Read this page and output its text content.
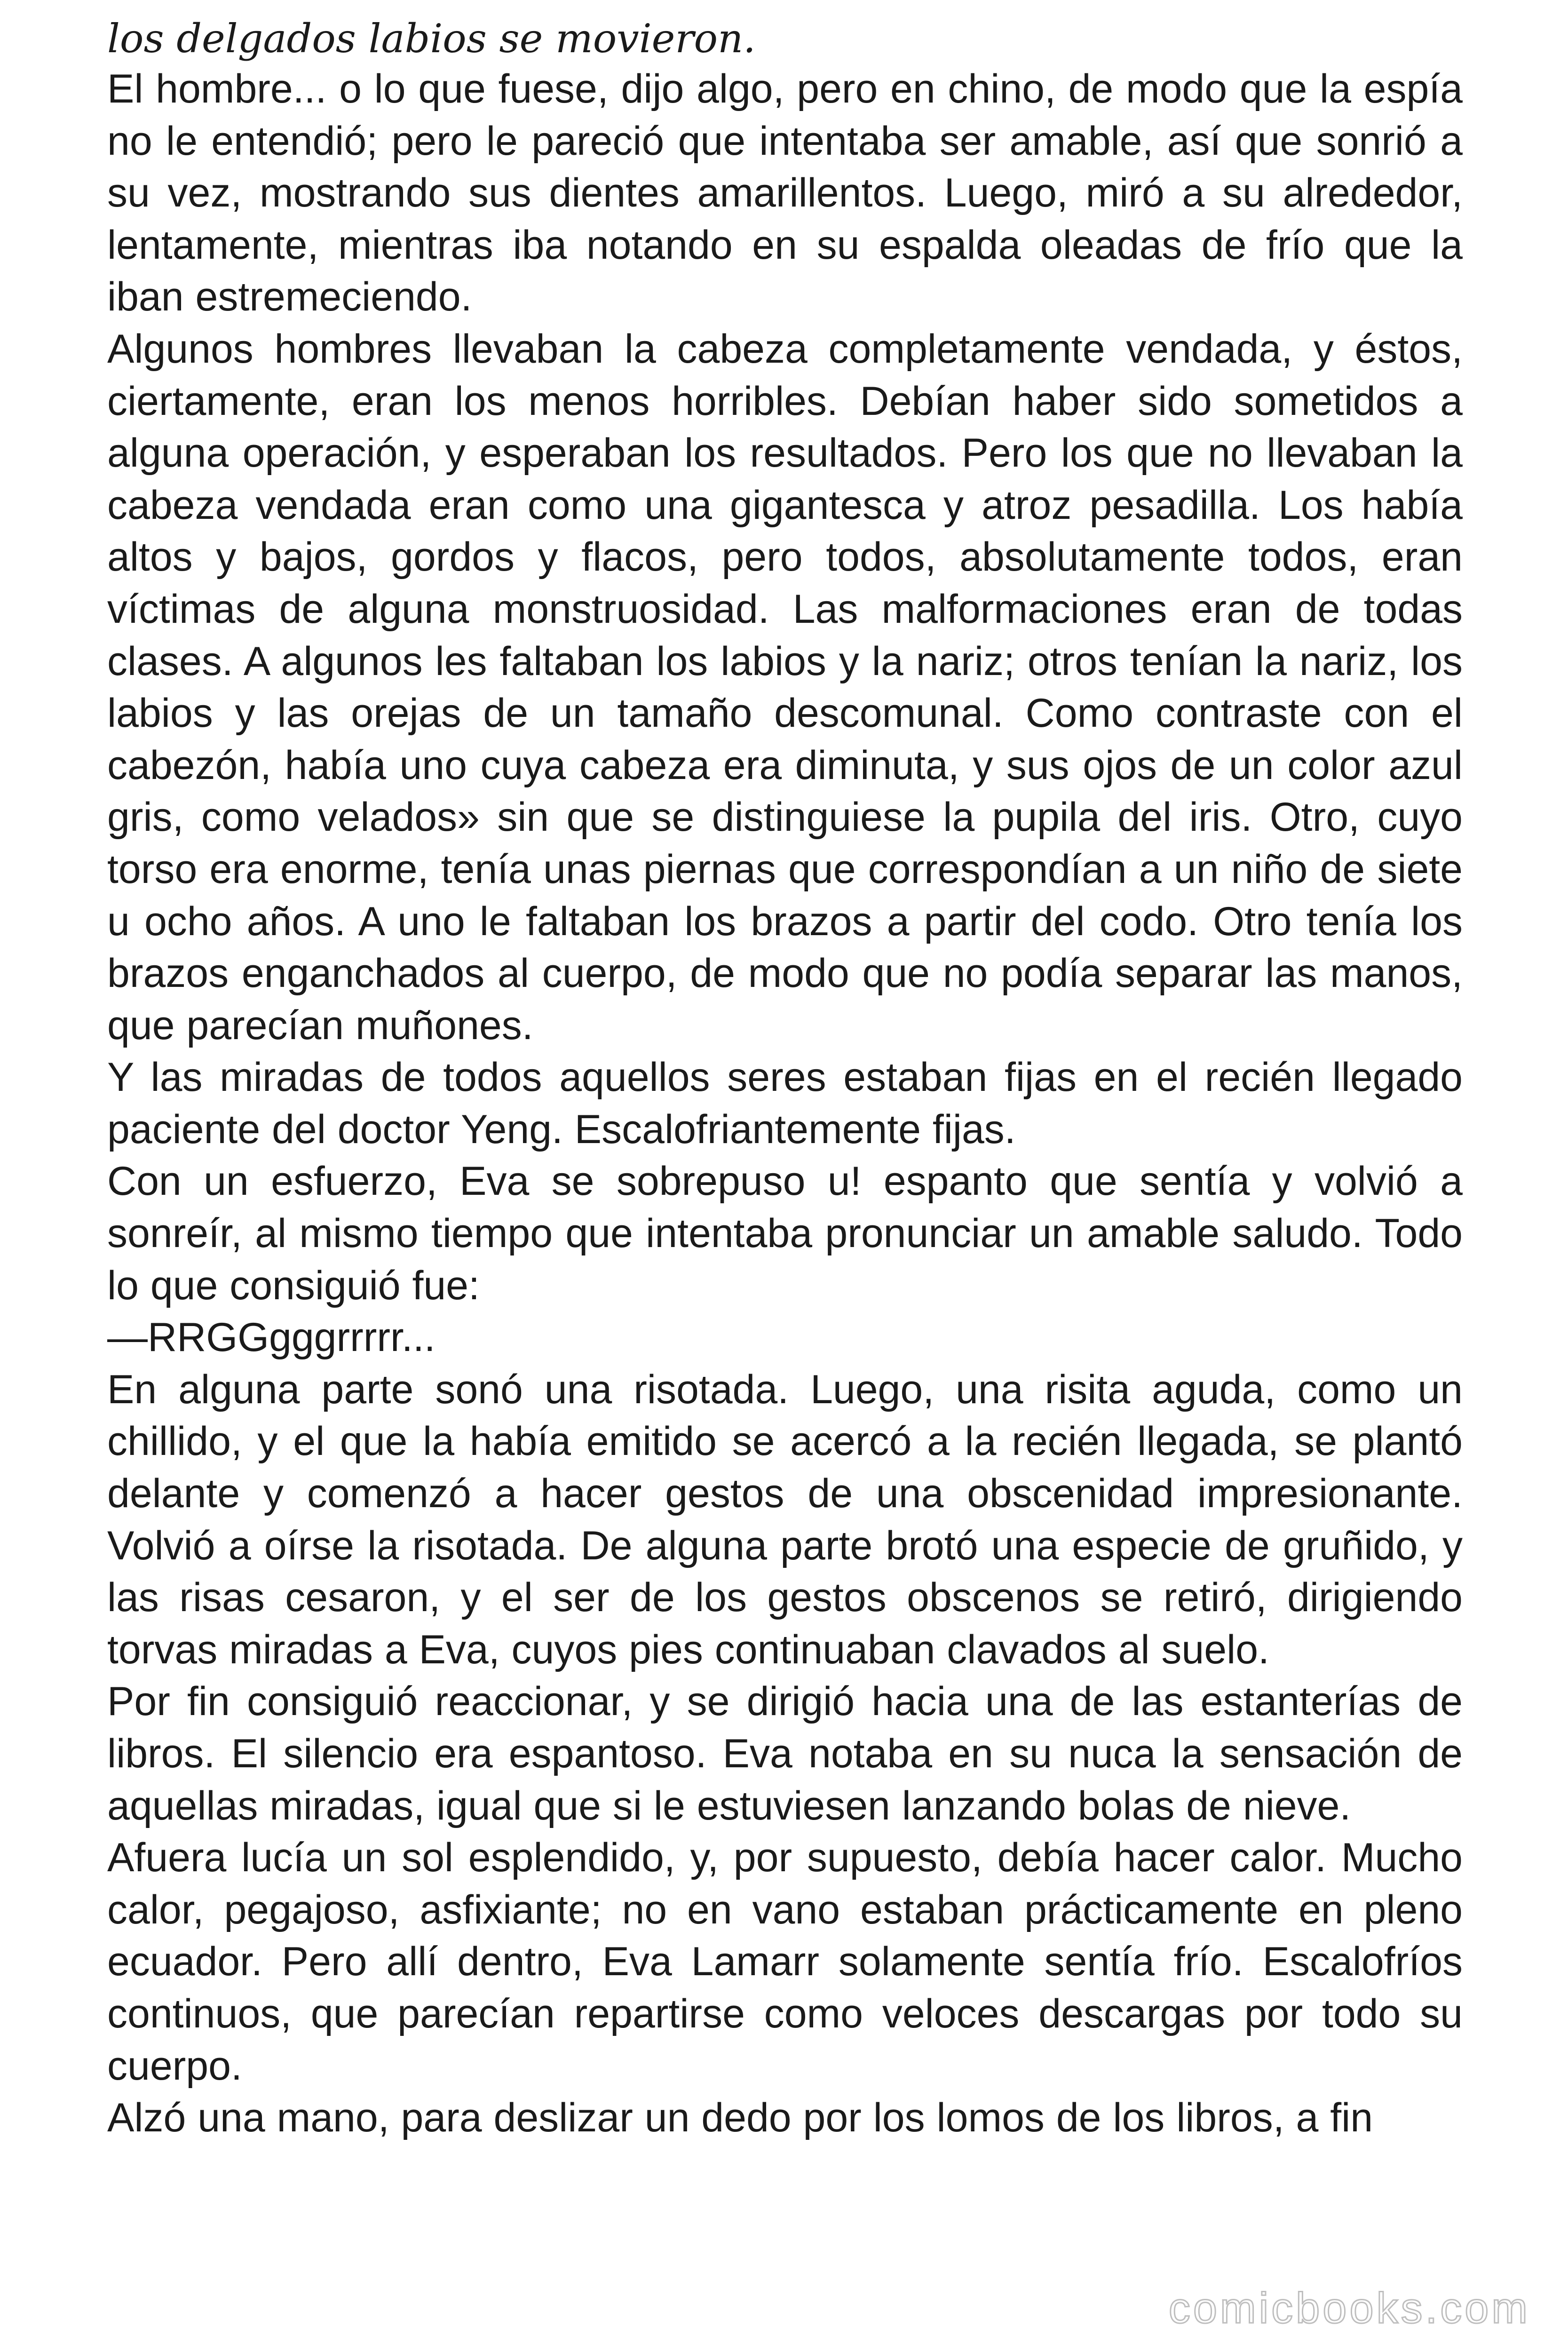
los delgados labios se movieron.

El hombre... o lo que fuese, dijo algo, pero en chino, de modo que la espía no le entendió; pero le pareció que intentaba ser amable, así que sonrió a su vez, mostrando sus dientes amarillentos. Luego, miró a su alrededor, lentamente, mientras iba notando en su espalda oleadas de frío que la iban estremeciendo.

Algunos hombres llevaban la cabeza completamente vendada, y éstos, ciertamente, eran los menos horribles. Debían haber sido sometidos a alguna operación, y esperaban los resultados. Pero los que no llevaban la cabeza vendada eran como una gigantesca y atroz pesadilla. Los había altos y bajos, gordos y flacos, pero todos, absolutamente todos, eran víctimas de alguna monstruosidad. Las malformaciones eran de todas clases. A algunos les faltaban los labios y la nariz; otros tenían la nariz, los labios y las orejas de un tamaño descomunal. Como contraste con el cabezón, había uno cuya cabeza era diminuta, y sus ojos de un color azul gris, como velados» sin que se distinguiese la pupila del iris. Otro, cuyo torso era enorme, tenía unas piernas que correspondían a un niño de siete u ocho años. A uno le faltaban los brazos a partir del codo. Otro tenía los brazos enganchados al cuerpo, de modo que no podía separar las manos, que parecían muñones.

Y las miradas de todos aquellos seres estaban fijas en el recién llegado paciente del doctor Yeng. Escalofriantemente fijas.

Con un esfuerzo, Eva se sobrepuso u! espanto que sentía y volvió a sonreír, al mismo tiempo que intentaba pronunciar un amable saludo. Todo lo que consiguió fue:

—RRGGgggrrrrr...

En alguna parte sonó una risotada. Luego, una risita aguda, como un chillido, y el que la había emitido se acercó a la recién llegada, se plantó delante y comenzó a hacer gestos de una obscenidad impresionante. Volvió a oírse la risotada. De alguna parte brotó una especie de gruñido, y las risas cesaron, y el ser de los gestos obscenos se retiró, dirigiendo torvas miradas a Eva, cuyos pies continuaban clavados al suelo.

Por fin consiguió reaccionar, y se dirigió hacia una de las estanterías de libros. El silencio era espantoso. Eva notaba en su nuca la sensación de aquellas miradas, igual que si le estuviesen lanzando bolas de nieve.

Afuera lucía un sol esplendido, y, por supuesto, debía hacer calor. Mucho calor, pegajoso, asfixiante; no en vano estaban prácticamente en pleno ecuador. Pero allí dentro, Eva Lamarr solamente sentía frío. Escalofríos continuos, que parecían repartirse como veloces descargas por todo su cuerpo.

Alzó una mano, para deslizar un dedo por los lomos de los libros, a fin

comicbooks.com
